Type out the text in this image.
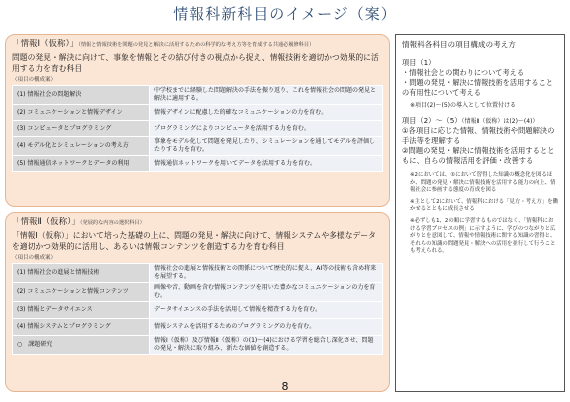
情報科新科目のイメージ（案）
「情報Ⅰ（仮称）」（情報と情報技術を問題の発見と解決に活用するための科学的な考え方等を育成する共通必履修科目）
問題の発見・解決に向けて、事象を情報とその結び付きの視点から捉え、情報技術を適切かつ効果的に活用する力を育む科目
（項目の構成案）
(1) 情報社会の問題解決	中学校までに経験した問題解決の手法を振り返り、これを情報社会の問題の発見と解決に適用する。
(2) コミュニケーションと情報デザイン	情報デザインに配慮した的確なコミュニケーションの力を育む。
(3) コンピュータとプログラミング	プログラミングによりコンピュータを活用する力を育む。
(4) モデル化とシミュレーションの考え方	事象をモデル化して問題を発見したり、シミュレーションを通してモデルを評価したりする力を育む。
(5) 情報通信ネットワークとデータの利用	情報通信ネットワークを用いてデータを活用する力を育む。
「情報Ⅱ（仮称）」（発展的な内容の選択科目）
「情報Ⅰ（仮称）」において培った基礎の上に、問題の発見・解決に向けて、情報システムや多様なデータを適切かつ効果的に活用し、あるいは情報コンテンツを創造する力を育む科目
（項目の構成案）
(1) 情報社会の進展と情報技術	情報社会の進展と情報技術との関係について歴史的に捉え、AI等の技術も含め将来を展望する。
(2) コミュニケーションと情報コンテンツ	画像や音、動画を含む情報コンテンツを用いた豊かなコミュニケーションの力を育む。
(3) 情報とデータサイエンス	データサイエンスの手法を活用して情報を精査する力を育む。
(4) 情報システムとプログラミング	情報システムを活用するためのプログラミングの力を育む。
○　課題研究	情報Ⅰ（仮称）及び情報Ⅱ（仮称）の(1)〜(4)における学習を総合し深化させ、問題の発見・解決に取り組み、新たな価値を創造する。
情報科各科目の項目構成の考え方
項目（1）
・情報社会との関わりについて考える
・問題の発見・解決に情報技術を活用することの有用性について考える
※項目(2)〜(5)の導入として位置付ける
項目（2）〜（5）（情報Ⅱ（仮称）は(2)〜(4)）
①各項目に応じた情報、情報技術や問題解決の手法等を理解する
②問題の発見・解決に情報技術を活用するとともに、自らの情報活用を評価・改善する
※2においては、①において習得した知識の概念化を図るほか、問題の発見・解決に情報技術を活用する能力の向上、情報社会に参画する態度の育成を図る
※主として2において、情報科における「見方・考え方」を働かせるとともに成長させる
※必ずしも1、2の順に学習するものではなく、「情報科における学習プロセスの例」に示すように、学びのつながりと広がりとを意図して、情報や情報技術に関する知識の習得と、それらの知識の問題発見・解決への活用を並行して行うことも考えられる。
8
